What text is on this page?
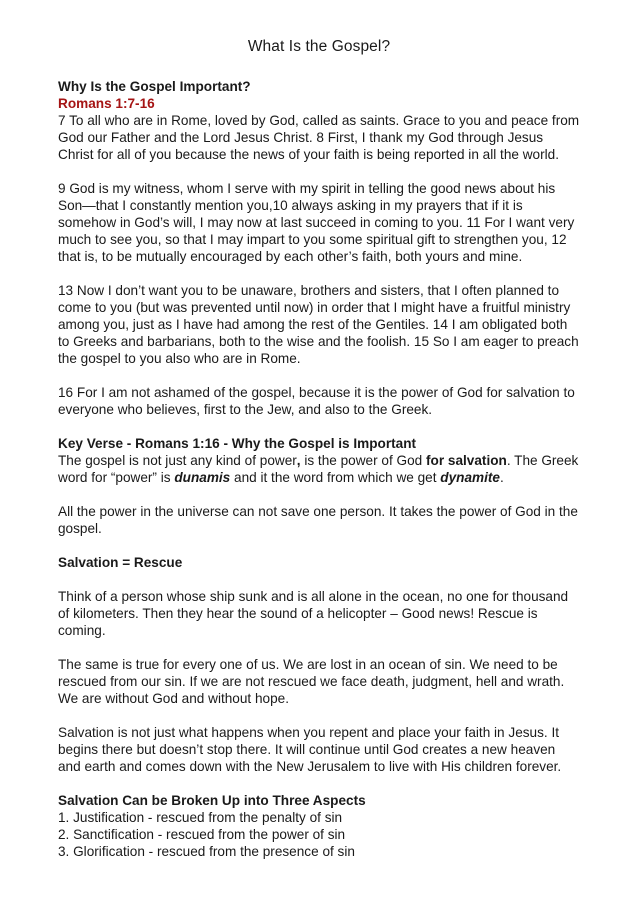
What Is the Gospel?
Why Is the Gospel Important?
Romans 1:7-16

7 To all who are in Rome, loved by God, called as saints. Grace to you and peace from God our Father and the Lord Jesus Christ. 8 First, I thank my God through Jesus Christ for all of you because the news of your faith is being reported in all the world.

9 God is my witness, whom I serve with my spirit in telling the good news about his Son—that I constantly mention you,10 always asking in my prayers that if it is somehow in God’s will, I may now at last succeed in coming to you. 11 For I want very much to see you, so that I may impart to you some spiritual gift to strengthen you, 12 that is, to be mutually encouraged by each other’s faith, both yours and mine.

13 Now I don’t want you to be unaware, brothers and sisters, that I often planned to come to you (but was prevented until now) in order that I might have a fruitful ministry among you, just as I have had among the rest of the Gentiles. 14 I am obligated both to Greeks and barbarians, both to the wise and the foolish. 15 So I am eager to preach the gospel to you also who are in Rome.

16 For I am not ashamed of the gospel, because it is the power of God for salvation to everyone who believes, first to the Jew, and also to the Greek.

Key Verse - Romans 1:16 - Why the Gospel is Important

The gospel is not just any kind of power, is the power of God for salvation. The Greek word for “power” is dunamis and it the word from which we get dynamite.

All the power in the universe can not save one person. It takes the power of God in the gospel.

Salvation = Rescue

Think of a person whose ship sunk and is all alone in the ocean, no one for thousand of kilometers. Then they hear the sound of a helicopter – Good news! Rescue is coming.

The same is true for every one of us. We are lost in an ocean of sin. We need to be rescued from our sin. If we are not rescued we face death, judgment, hell and wrath. We are without God and without hope.

Salvation is not just what happens when you repent and place your faith in Jesus. It begins there but doesn’t stop there. It will continue until God creates a new heaven and earth and comes down with the New Jerusalem to live with His children forever.

Salvation Can be Broken Up into Three Aspects
1. Justification - rescued from the penalty of sin
2. Sanctification - rescued from the power of sin
3. Glorification - rescued from the presence of sin
